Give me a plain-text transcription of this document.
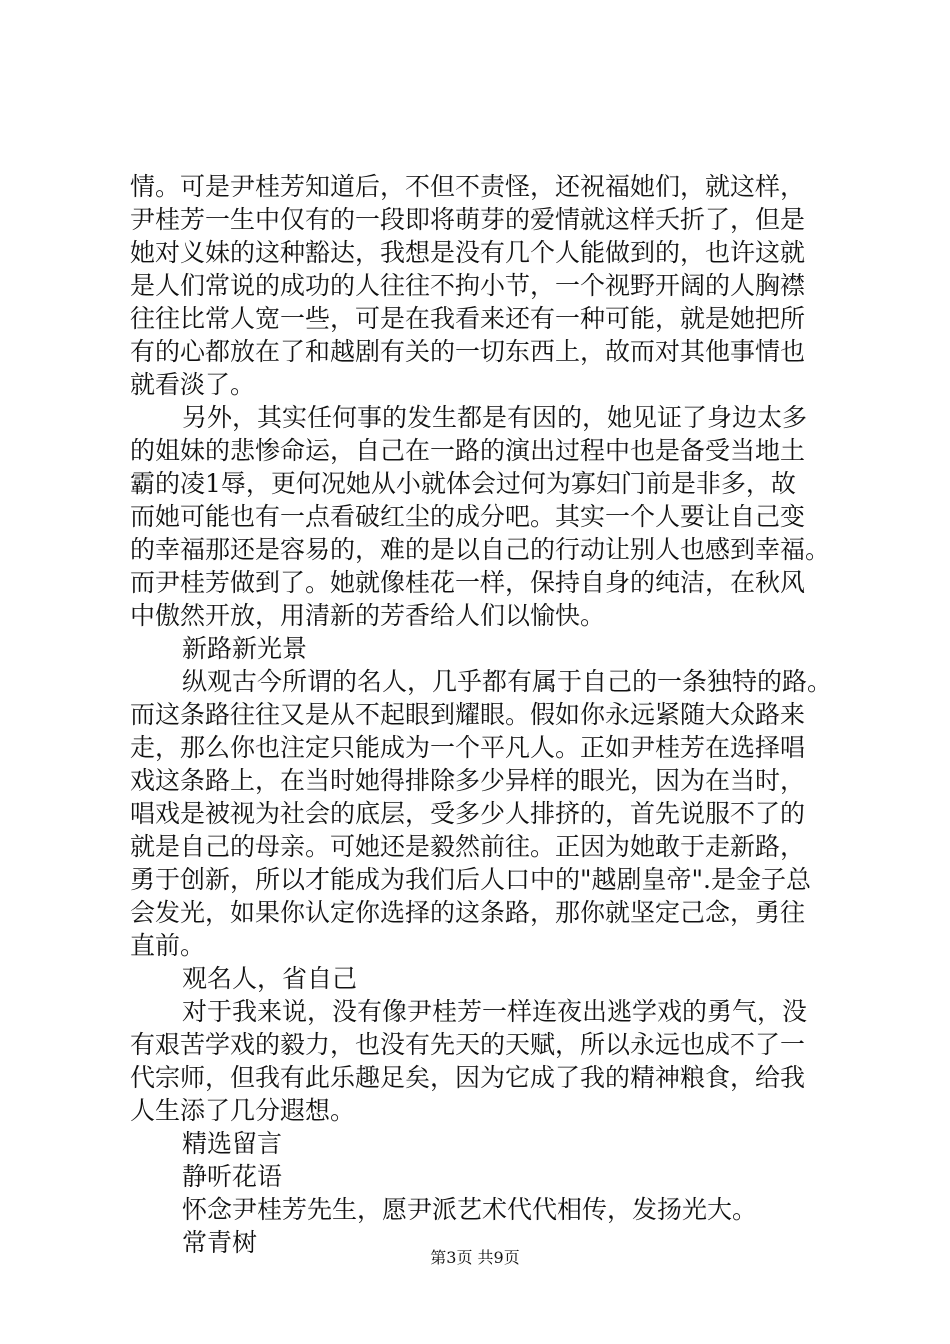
情。可是尹桂芳知道后，不但不责怪，还祝福她们，就这样，
尹桂芳一生中仅有的一段即将萌芽的爱情就这样夭折了，但是
她对义妹的这种豁达，我想是没有几个人能做到的，也许这就
是人们常说的成功的人往往不拘小节，一个视野开阔的人胸襟
往往比常人宽一些，可是在我看来还有一种可能，就是她把所
有的心都放在了和越剧有关的一切东西上，故而对其他事情也
就看淡了。
另外，其实任何事的发生都是有因的，她见证了身边太多
的姐妹的悲惨命运，自己在一路的演出过程中也是备受当地土
霸的凌1辱，更何况她从小就体会过何为寡妇门前是非多，故
而她可能也有一点看破红尘的成分吧。其实一个人要让自己变
的幸福那还是容易的，难的是以自己的行动让别人也感到幸福。
而尹桂芳做到了。她就像桂花一样，保持自身的纯洁，在秋风
中傲然开放，用清新的芳香给人们以愉快。
新路新光景
纵观古今所谓的名人，几乎都有属于自己的一条独特的路。
而这条路往往又是从不起眼到耀眼。假如你永远紧随大众路来
走，那么你也注定只能成为一个平凡人。正如尹桂芳在选择唱
戏这条路上，在当时她得排除多少异样的眼光，因为在当时，
唱戏是被视为社会的底层，受多少人排挤的，首先说服不了的
就是自己的母亲。可她还是毅然前往。正因为她敢于走新路，
勇于创新，所以才能成为我们后人口中的"越剧皇帝".是金子总
会发光，如果你认定你选择的这条路，那你就坚定己念，勇往
直前。
观名人，省自己
对于我来说，没有像尹桂芳一样连夜出逃学戏的勇气，没
有艰苦学戏的毅力，也没有先天的天赋，所以永远也成不了一
代宗师，但我有此乐趣足矣，因为它成了我的精神粮食，给我
人生添了几分遐想。
精选留言
静听花语
怀念尹桂芳先生，愿尹派艺术代代相传，发扬光大。
常青树
第3页 共9页
